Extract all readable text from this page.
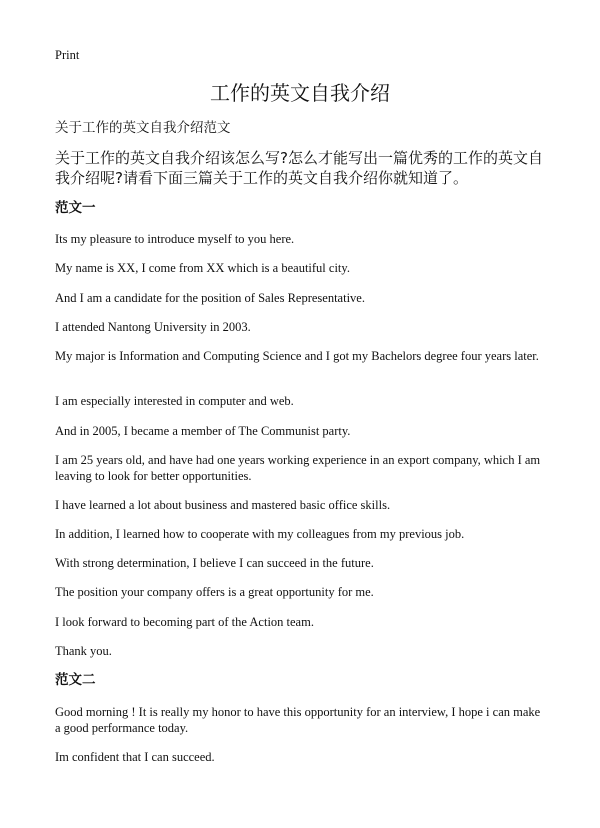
Print
工作的英文自我介绍
关于工作的英文自我介绍范文
关于工作的英文自我介绍该怎么写?怎么才能写出一篇优秀的工作的英文自我介绍呢?请看下面三篇关于工作的英文自我介绍你就知道了。
范文一
Its my pleasure to introduce myself to you here.
My name is XX, I come from XX which is a beautiful city.
And I am a candidate for the position of Sales Representative.
I attended Nantong University in 2003.
My major is Information and Computing Science and I got my Bachelors degree four years later.
I am especially interested in computer and web.
And in 2005, I became a member of The Communist party.
I am 25 years old, and have had one years working experience in an export company, which I am leaving to look for better opportunities.
I have learned a lot about business and mastered basic office skills.
In addition, I learned how to cooperate with my colleagues from my previous job.
With strong determination, I believe I can succeed in the future.
The position your company offers is a great opportunity for me.
I look forward to becoming part of the Action team.
Thank you.
范文二
Good morning ! It is really my honor to have this opportunity for an interview, I hope i can make a good performance today.
Im confident that I can succeed.
